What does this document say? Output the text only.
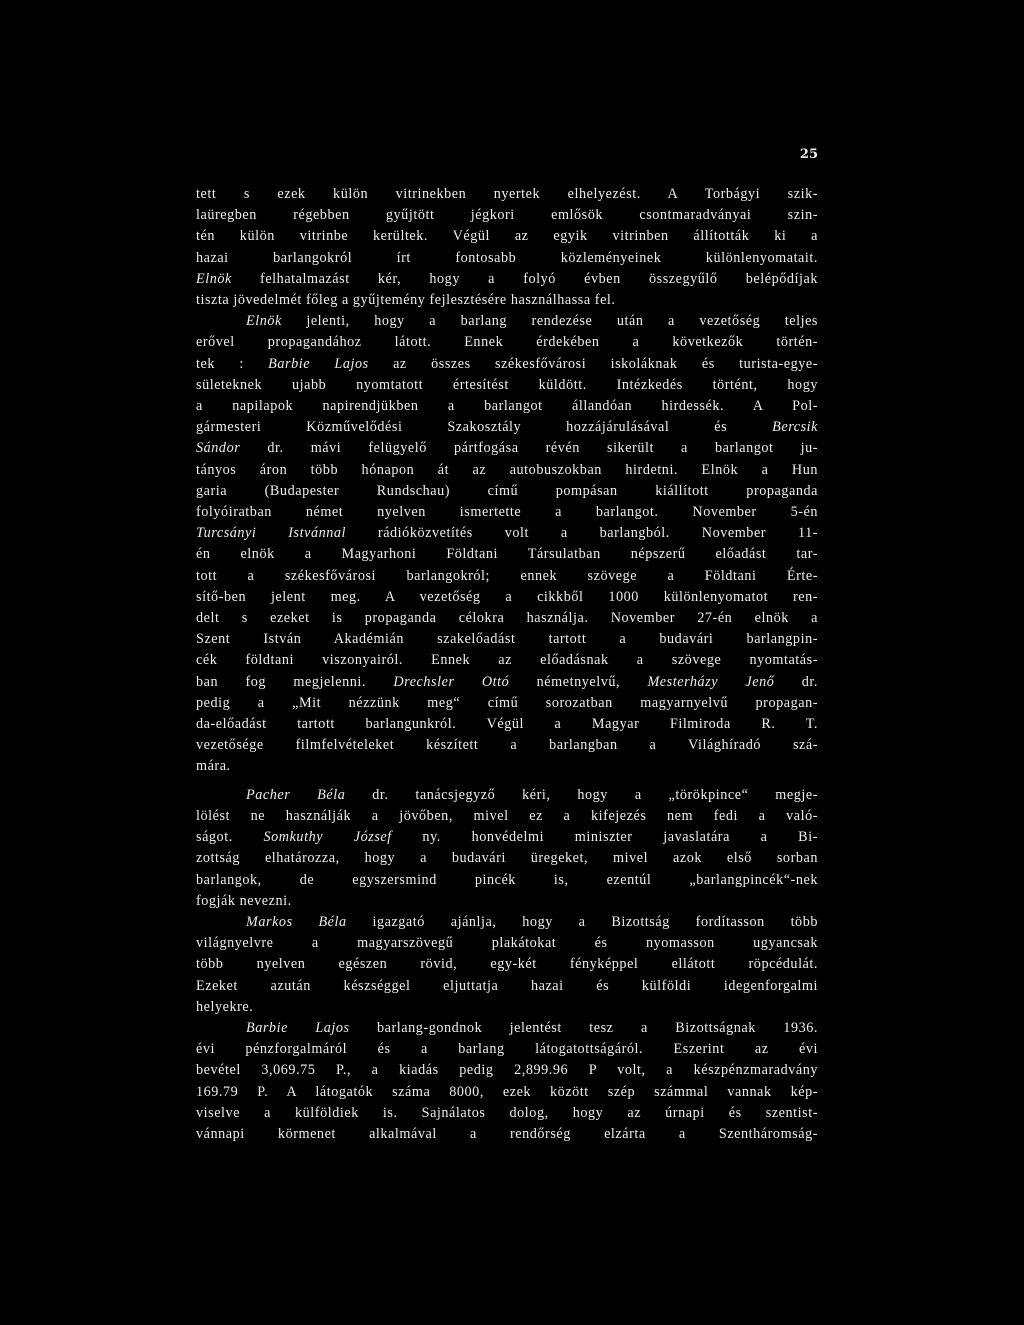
25
tett s ezek külön vitrinekben nyertek elhelyezést. A Torbágyi szik-
laüregben régebben gyűjtött jégkori emlősök csontmaradványai szin-
tén külön vitrinbe kerültek. Végül az egyik vitrinben állították ki a
hazai barlangokról írt fontosabb közleményeinek különlenyomatait.
Elnök felhatalmazást kér, hogy a folyó évben összegyűlő belépődíjak
tiszta jövedelmét főleg a gyűjtemény fejlesztésére használhassa fel.
Elnök jelenti, hogy a barlang rendezése után a vezetőség teljes
erővel propagandához látott. Ennek érdekében a következők történ-
tek : Barbie Lajos az összes székesfővárosi iskoláknak és turista-egye-
sületeknek ujabb nyomtatott értesítést küldött. Intézkedés történt, hogy
a napilapok napirendjükben a barlangot állandóan hirdessék. A Pol-
gármesteri Közművelődési Szakosztály hozzájárulásával és Bercsik
Sándor dr. mávi felügyelő pártfogása révén sikerült a barlangot ju-
tányos áron több hónapon át az autobuszokban hirdetni. Elnök a Hun
garia (Budapester Rundschau) című pompásan kiállított propaganda
folyóiratban német nyelven ismertette a barlangot. November 5-én
Turcsányi Istvánnal rádióközvetítés volt a barlangból. November 11-
én elnök a Magyarhoni Földtani Társulatban népszerű előadást tar-
tott a székesfővárosi barlangokról; ennek szövege a Földtani Érte-
sítő-ben jelent meg. A vezetőség a cikkből 1000 különlenyomatot ren-
delt s ezeket is propaganda célokra használja. November 27-én elnök a
Szent István Akadémián szakelőadást tartott a budavári barlangpin-
cék földtani viszonyairól. Ennek az előadásnak a szövege nyomtatás-
ban fog megjelenni. Drechsler Ottó németnyelvű, Mesterházy Jenő dr.
pedig a „Mit nézzünk meg“ című sorozatban magyarnyelvű propagan-
da-előadást tartott barlangunkról. Végül a Magyar Filmiroda R. T.
vezetősége filmfelvételeket készített a barlangban a Világhíradó szá-
mára.
Pacher Béla dr. tanácsjegyző kéri, hogy a „törökpince“ megje-
lölést ne használják a jövőben, mivel ez a kifejezés nem fedi a való-
ságot. Somkuthy József ny. honvédelmi miniszter javaslatára a Bi-
zottság elhatározza, hogy a budavári üregeket, mivel azok első sorban
barlangok, de egyszersmind pincék is, ezentúl „barlangpincék“-nek
fogják nevezni.
Markos Béla igazgató ajánlja, hogy a Bizottság fordítasson több
világnyelvre a magyarszövegű plakátokat és nyomasson ugyancsak
több nyelven egészen rövid, egy-két fényképpel ellátott röpcédulát.
Ezeket azután készséggel eljuttatja hazai és külföldi idegenforgalmi
helyekre.
Barbie Lajos barlang-gondnok jelentést tesz a Bizottságnak 1936.
évi pénzforgalmáról és a barlang látogatottságáról. Eszerint az évi
bevétel 3,069.75 P., a kiadás pedig 2,899.96 P volt, a készpénzmaradvány
169.79 P. A látogatók száma 8000, ezek között szép számmal vannak kép-
viselve a külföldiek is. Sajnálatos dolog, hogy az úrnapi és szentist-
vánnapi körmenet alkalmával a rendőrség elzárta a Szentháromság-
